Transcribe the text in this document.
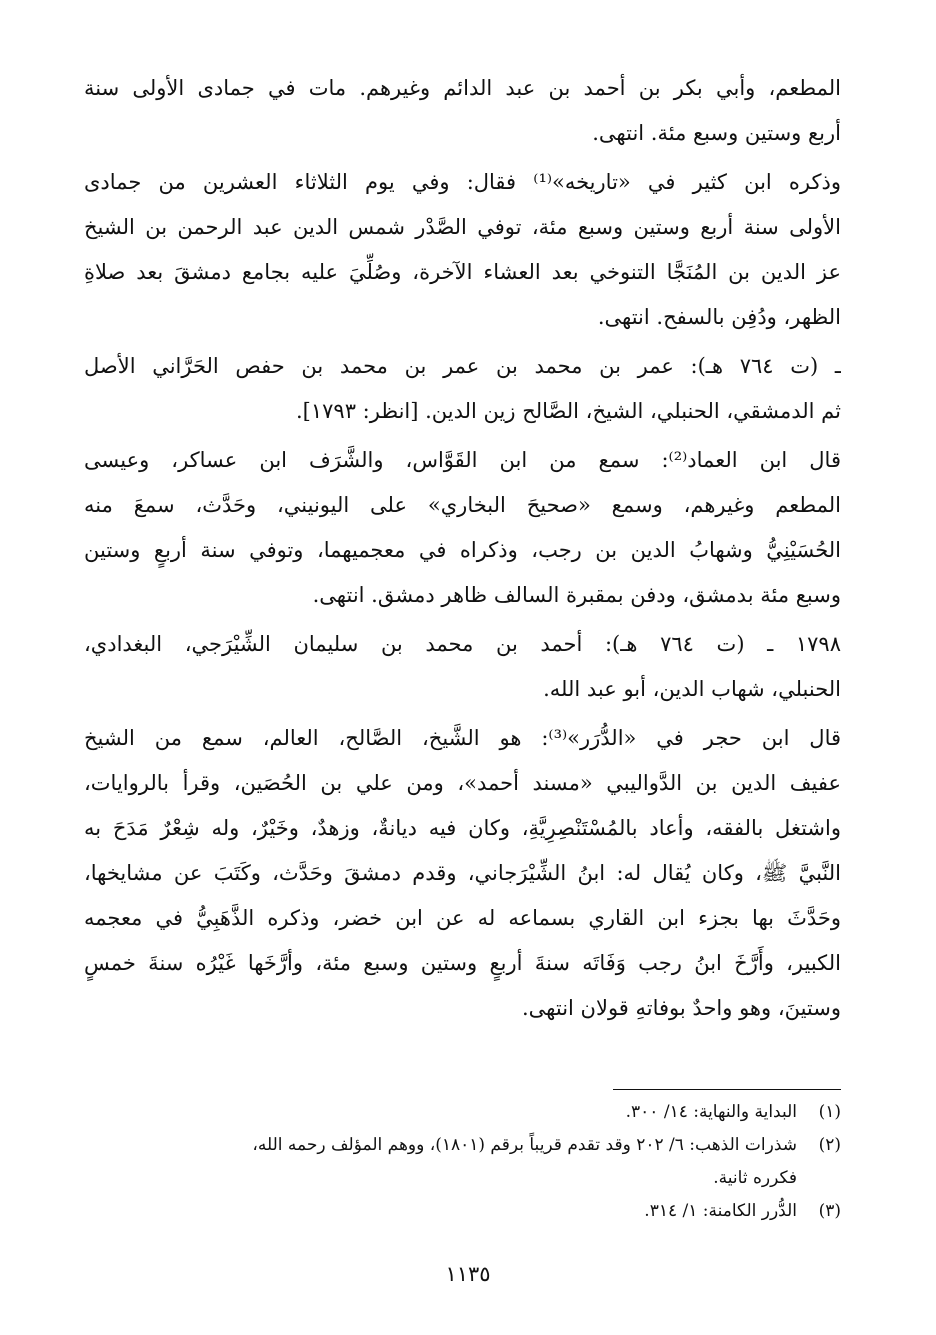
المطعم، وأبي بكر بن أحمد بن عبد الدائم وغيرهم. مات في جمادى الأولى سنة
أربع وستين وسبع مئة. انتهى.
وذكره ابن كثير في «تاريخه»⁽¹⁾ فقال: وفي يوم الثلاثاء العشرين من جمادى
الأولى سنة أربع وستين وسبع مئة، توفي الصَّدْر شمس الدين عبد الرحمن بن الشيخ
عز الدين بن المُنَجَّا التنوخي بعد العشاء الآخرة، وصُلِّيَ عليه بجامع دمشقَ بعد صلاةِ
الظهر، ودُفِن بالسفح. انتهى.
ـ (ت ٧٦٤ هـ): عمر بن محمد بن عمر بن محمد بن حفص الحَرَّاني الأصل
ثم الدمشقي، الحنبلي، الشيخ، الصَّالح زين الدين. [انظر: ١٧٩٣].
قال ابن العماد⁽²⁾: سمع من ابن القَوَّاس، والشَّرَف ابن عساكر، وعيسى
المطعم وغيرهم، وسمع «صحيحَ البخاري» على اليونيني، وحَدَّث، سمعَ منه
الحُسَيْنِيُّ وشهابُ الدين بن رجب، وذكراه في معجميهما، وتوفي سنة أربعٍ وستين
وسبع مئة بدمشق، ودفن بمقبرة السالف ظاهر دمشق. انتهى.
١٧٩٨ ـ (ت ٧٦٤ هـ): أحمد بن محمد بن سليمان الشِّيْرَجي، البغدادي،
الحنبلي، شهاب الدين، أبو عبد الله.
قال ابن حجر في «الدُّرَر»⁽³⁾: هو الشَّيخ، الصَّالح، العالم، سمع من الشيخ
عفيف الدين بن الدَّواليبي «مسند أحمد»، ومن علي بن الحُصَين، وقرأ بالروايات،
واشتغل بالفقه، وأعاد بالمُسْتَنْصِرِيَّةِ، وكان فيه ديانةٌ، وزهدٌ، وخَيْرٌ، وله شِعْرٌ مَدَحَ به
النَّبيَّ ﷺ، وكان يُقال له: ابنُ الشِّيْرَجاني، وقدم دمشقَ وحَدَّث، وكَتَبَ عن مشايخها،
وحَدَّثَ بها بجزء ابن القاري بسماعه له عن ابن خضر، وذكره الذَّهَبِيُّ في معجمه
الكبير، وأَرَّخَ ابنُ رجب وَفَاتَه سنةَ أربعٍ وستين وسبع مئة، وأرَّخَها غَيْرُه سنةَ خمسٍ
وستينَ، وهو واحدٌ بوفاتهِ قولان انتهى.
(١)
البداية والنهاية: ١٤/ ٣٠٠.
(٢)
شذرات الذهب: ٦/ ٢٠٢ وقد تقدم قريباً برقم (١٨٠١)، ووهم المؤلف رحمه الله،
فكرره ثانية.
(٣)
الدُّرر الكامنة: ١/ ٣١٤.
١١٣٥
